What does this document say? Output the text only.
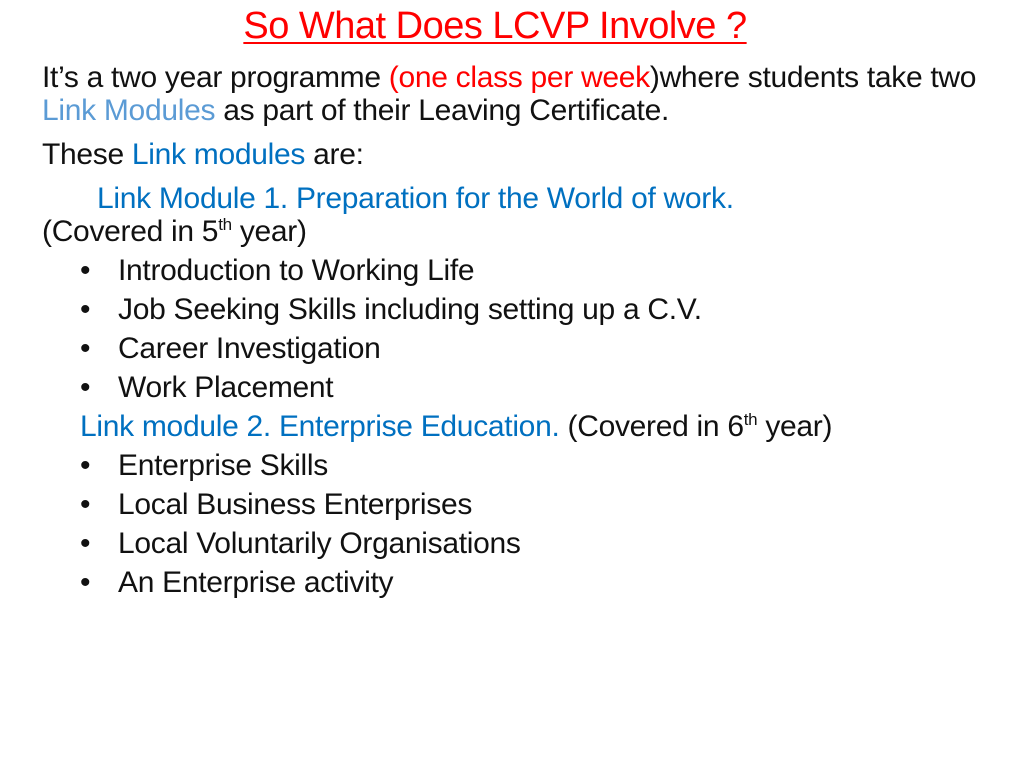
So What Does LCVP Involve ?

It’s a two year programme (one class per week)where students take two Link Modules as part of their Leaving Certificate.

These Link modules are:

Link Module 1. Preparation for the World of work.

(Covered in 5th year)

• Introduction to Working Life
• Job Seeking Skills including setting up a C.V.
• Career Investigation
• Work Placement

Link module 2. Enterprise Education. (Covered in 6th year)

• Enterprise Skills
• Local Business Enterprises
• Local Voluntarily Organisations
• An Enterprise activity
